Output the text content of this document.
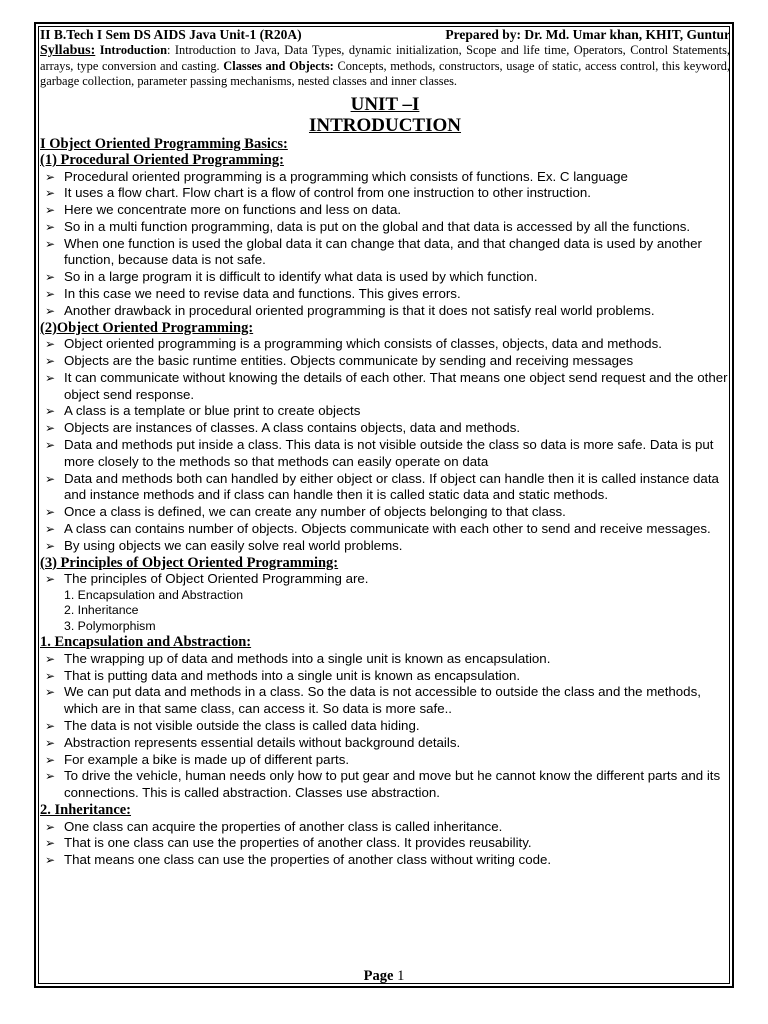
II B.Tech I Sem DS AIDS Java Unit-1 (R20A)	Prepared by: Dr. Md. Umar khan, KHIT, Guntur
Syllabus: Introduction: Introduction to Java, Data Types, dynamic initialization, Scope and life time, Operators, Control Statements, arrays, type conversion and casting. Classes and Objects: Concepts, methods, constructors, usage of static, access control, this keyword, garbage collection, parameter passing mechanisms, nested classes and inner classes.
UNIT –I
INTRODUCTION
I Object Oriented Programming Basics:
(1) Procedural Oriented Programming:
➢ Procedural oriented programming is a programming which consists of functions. Ex. C language
➢ It uses a flow chart. Flow chart is a flow of control from one instruction to other instruction.
➢ Here we concentrate more on functions and less on data.
➢ So in a multi function programming, data is put on the global and that data is accessed by all the functions.
➢ When one function is used the global data it can change that data, and that changed data is used by another function, because data is not safe.
➢ So in a large program it is difficult to identify what data is used by which function.
➢ In this case we need to revise data and functions. This gives errors.
➢ Another drawback in procedural oriented programming is that it does not satisfy real world problems.
(2)Object Oriented Programming:
➢ Object oriented programming is a programming which consists of classes, objects, data and methods.
➢ Objects are the basic runtime entities. Objects communicate by sending and receiving messages
➢ It can communicate without knowing the details of each other. That means one object send request and the other object send response.
➢ A class is a template or blue print to create objects
➢ Objects are instances of classes. A class contains objects, data and methods.
➢ Data and methods put inside a class. This data is not visible outside the class so data is more safe. Data is put more closely to the methods so that methods can easily operate on data
➢ Data and methods both can handled by either object or class. If object can handle then it is called instance data and instance methods and if class can handle then it is called static data and static methods.
➢ Once a class is defined, we can create any number of objects belonging to that class.
➢ A class can contains number of objects. Objects communicate with each other to send and receive messages.
➢ By using objects we can easily solve real world problems.
(3) Principles of Object Oriented Programming:
➢ The principles of Object Oriented Programming are.
1. Encapsulation and Abstraction
2. Inheritance
3. Polymorphism
1. Encapsulation and Abstraction:
➢ The wrapping up of data and methods into a single unit is known as encapsulation.
➢ That is putting data and methods into a single unit is known as encapsulation.
➢ We can put data and methods in a class. So the data is not accessible to outside the class and the methods, which are in that same class, can access it. So data is more safe..
➢ The data is not visible outside the class is called data hiding.
➢ Abstraction represents essential details without background details.
➢ For example a bike is made up of different parts.
➢ To drive the vehicle, human needs only how to put gear and move but he cannot know the different parts and its connections. This is called abstraction. Classes use abstraction.
2. Inheritance:
➢ One class can acquire the properties of another class is called inheritance.
➢ That is one class can use the properties of another class. It provides reusability.
➢ That means one class can use the properties of another class without writing code.
Page 1
